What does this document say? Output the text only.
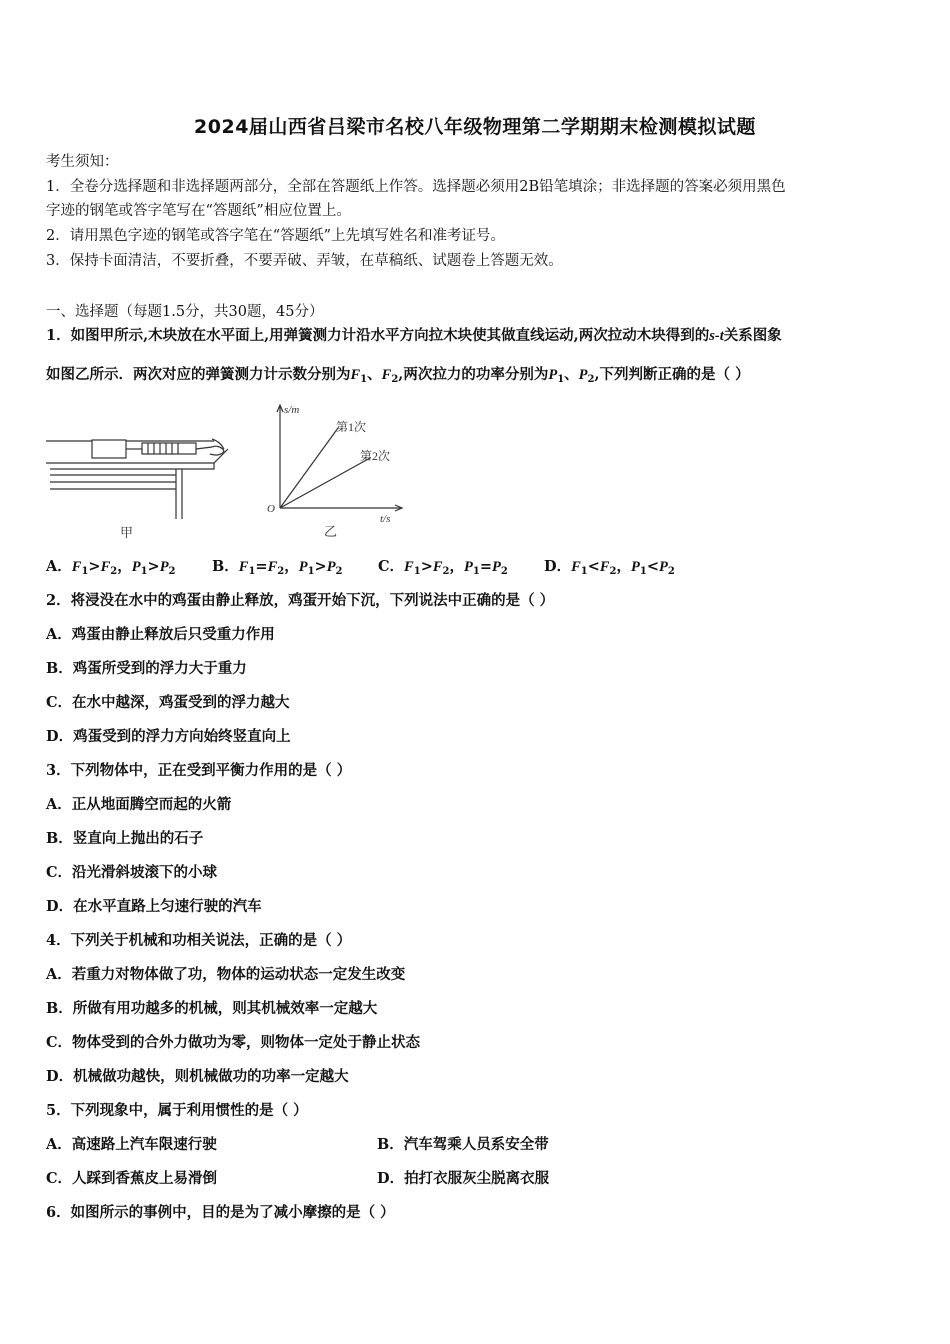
2024届山西省吕梁市名校八年级物理第二学期期末检测模拟试题
考生须知：
1．全卷分选择题和非选择题两部分，全部在答题纸上作答。选择题必须用2B铅笔填涂；非选择题的答案必须用黑色
字迹的钢笔或答字笔写在“答题纸”相应位置上。
2．请用黑色字迹的钢笔或答字笔在“答题纸”上先填写姓名和准考证号。
3．保持卡面清洁，不要折叠，不要弄破、弄皱，在草稿纸、试题卷上答题无效。
一、选择题（每题1.5分，共30题，45分）
1．如图甲所示,木块放在水平面上,用弹簧测力计沿水平方向拉木块使其做直线运动,两次拉动木块得到的s-t关系图象
如图乙所示．两次对应的弹簧测力计示数分别为$F_1$、$F_2$,两次拉力的功率分别为$P_1$、$P_2$,下列判断正确的是（ ）
甲
s/m
t/s
O
第1次
第2次
乙
A．$F_1>F_2$，$P_1>P_2$	B．$F_1=F_2$，$P_1>P_2$ C．$F_1>F_2$，$P_1=P_2$ D．$F_1<F_2$，$P_1<P_2$
2．将浸没在水中的鸡蛋由静止释放，鸡蛋开始下沉，下列说法中正确的是（ ）
A．鸡蛋由静止释放后只受重力作用
B．鸡蛋所受到的浮力大于重力
C．在水中越深，鸡蛋受到的浮力越大
D．鸡蛋受到的浮力方向始终竖直向上
3．下列物体中，正在受到平衡力作用的是（ ）
A．正从地面腾空而起的火箭
B．竖直向上抛出的石子
C．沿光滑斜坡滚下的小球
D．在水平直路上匀速行驶的汽车
4．下列关于机械和功相关说法，正确的是（ ）
A．若重力对物体做了功，物体的运动状态一定发生改变
B．所做有用功越多的机械，则其机械效率一定越大
C．物体受到的合外力做功为零，则物体一定处于静止状态
D．机械做功越快，则机械做功的功率一定越大
5．下列现象中，属于利用惯性的是（ ）
A．高速路上汽车限速行驶	B．汽车驾乘人员系安全带
C．人踩到香蕉皮上易滑倒	D．拍打衣服灰尘脱离衣服
6．如图所示的事例中，目的是为了减小摩擦的是（ ）
